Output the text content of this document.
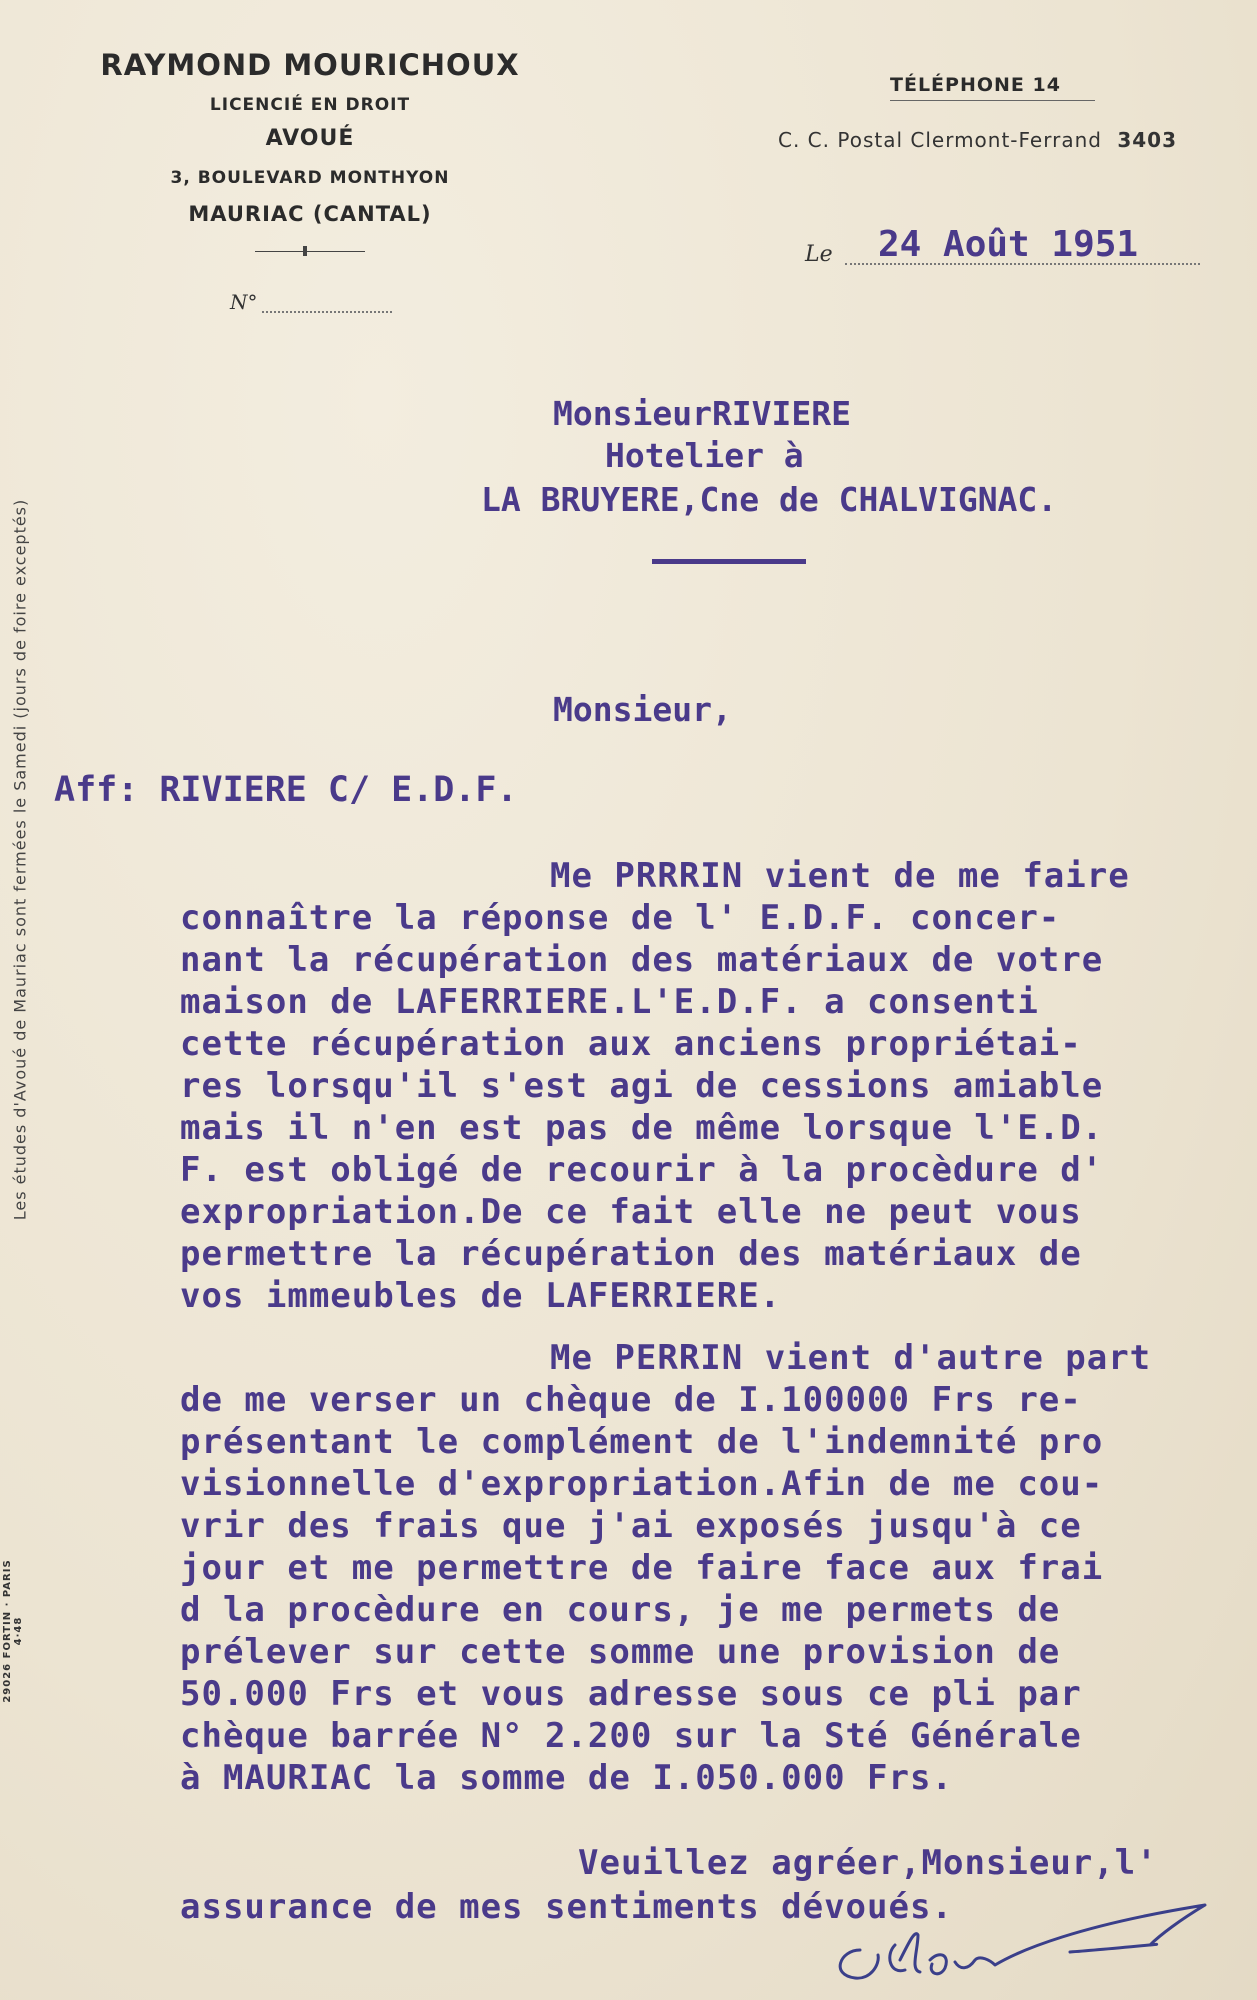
Les études d'Avoué de Mauriac sont fermées le Samedi (jours de foire exceptés)
29026 FORTIN · PARIS 4·48
RAYMOND MOURICHOUX
LICENCIÉ EN DROIT
AVOUÉ
3, BOULEVARD MONTHYON
MAURIAC (CANTAL)
N°
TÉLÉPHONE 14
C. C. Postal Clermont-Ferrand 3403
Le 24 Août 1951
MonsieurRIVIERE
Hotelier à
LA BRUYERE,Cne de CHALVIGNAC.
Monsieur,
Aff: RIVIERE C/ E.D.F.
Me PRRRIN vient de me faire
connaître la réponse de l' E.D.F. concer-
nant la récupération des matériaux de votre
maison de LAFERRIERE.L'E.D.F. a consenti
cette récupération aux anciens propriétai-
res lorsqu'il s'est agi de cessions amiable
mais il n'en est pas de même lorsque l'E.D.
F. est obligé de recourir à la procèdure d'
expropriation.De ce fait elle ne peut vous
permettre la récupération des matériaux de
vos immeubles de LAFERRIERE.
Me PERRIN vient d'autre part
de me verser un chèque de I.100000 Frs re-
présentant le complément de l'indemnité pro
visionnelle d'expropriation.Afin de me cou-
vrir des frais que j'ai exposés jusqu'à ce
jour et me permettre de faire face aux frai
d la procèdure en cours, je me permets de
prélever sur cette somme une provision de
50.000 Frs et vous adresse sous ce pli par
chèque barrée N° 2.200 sur la Sté Générale
à MAURIAC la somme de I.050.000 Frs.
Veuillez agréer,Monsieur,l'
assurance de mes sentiments dévoués.
